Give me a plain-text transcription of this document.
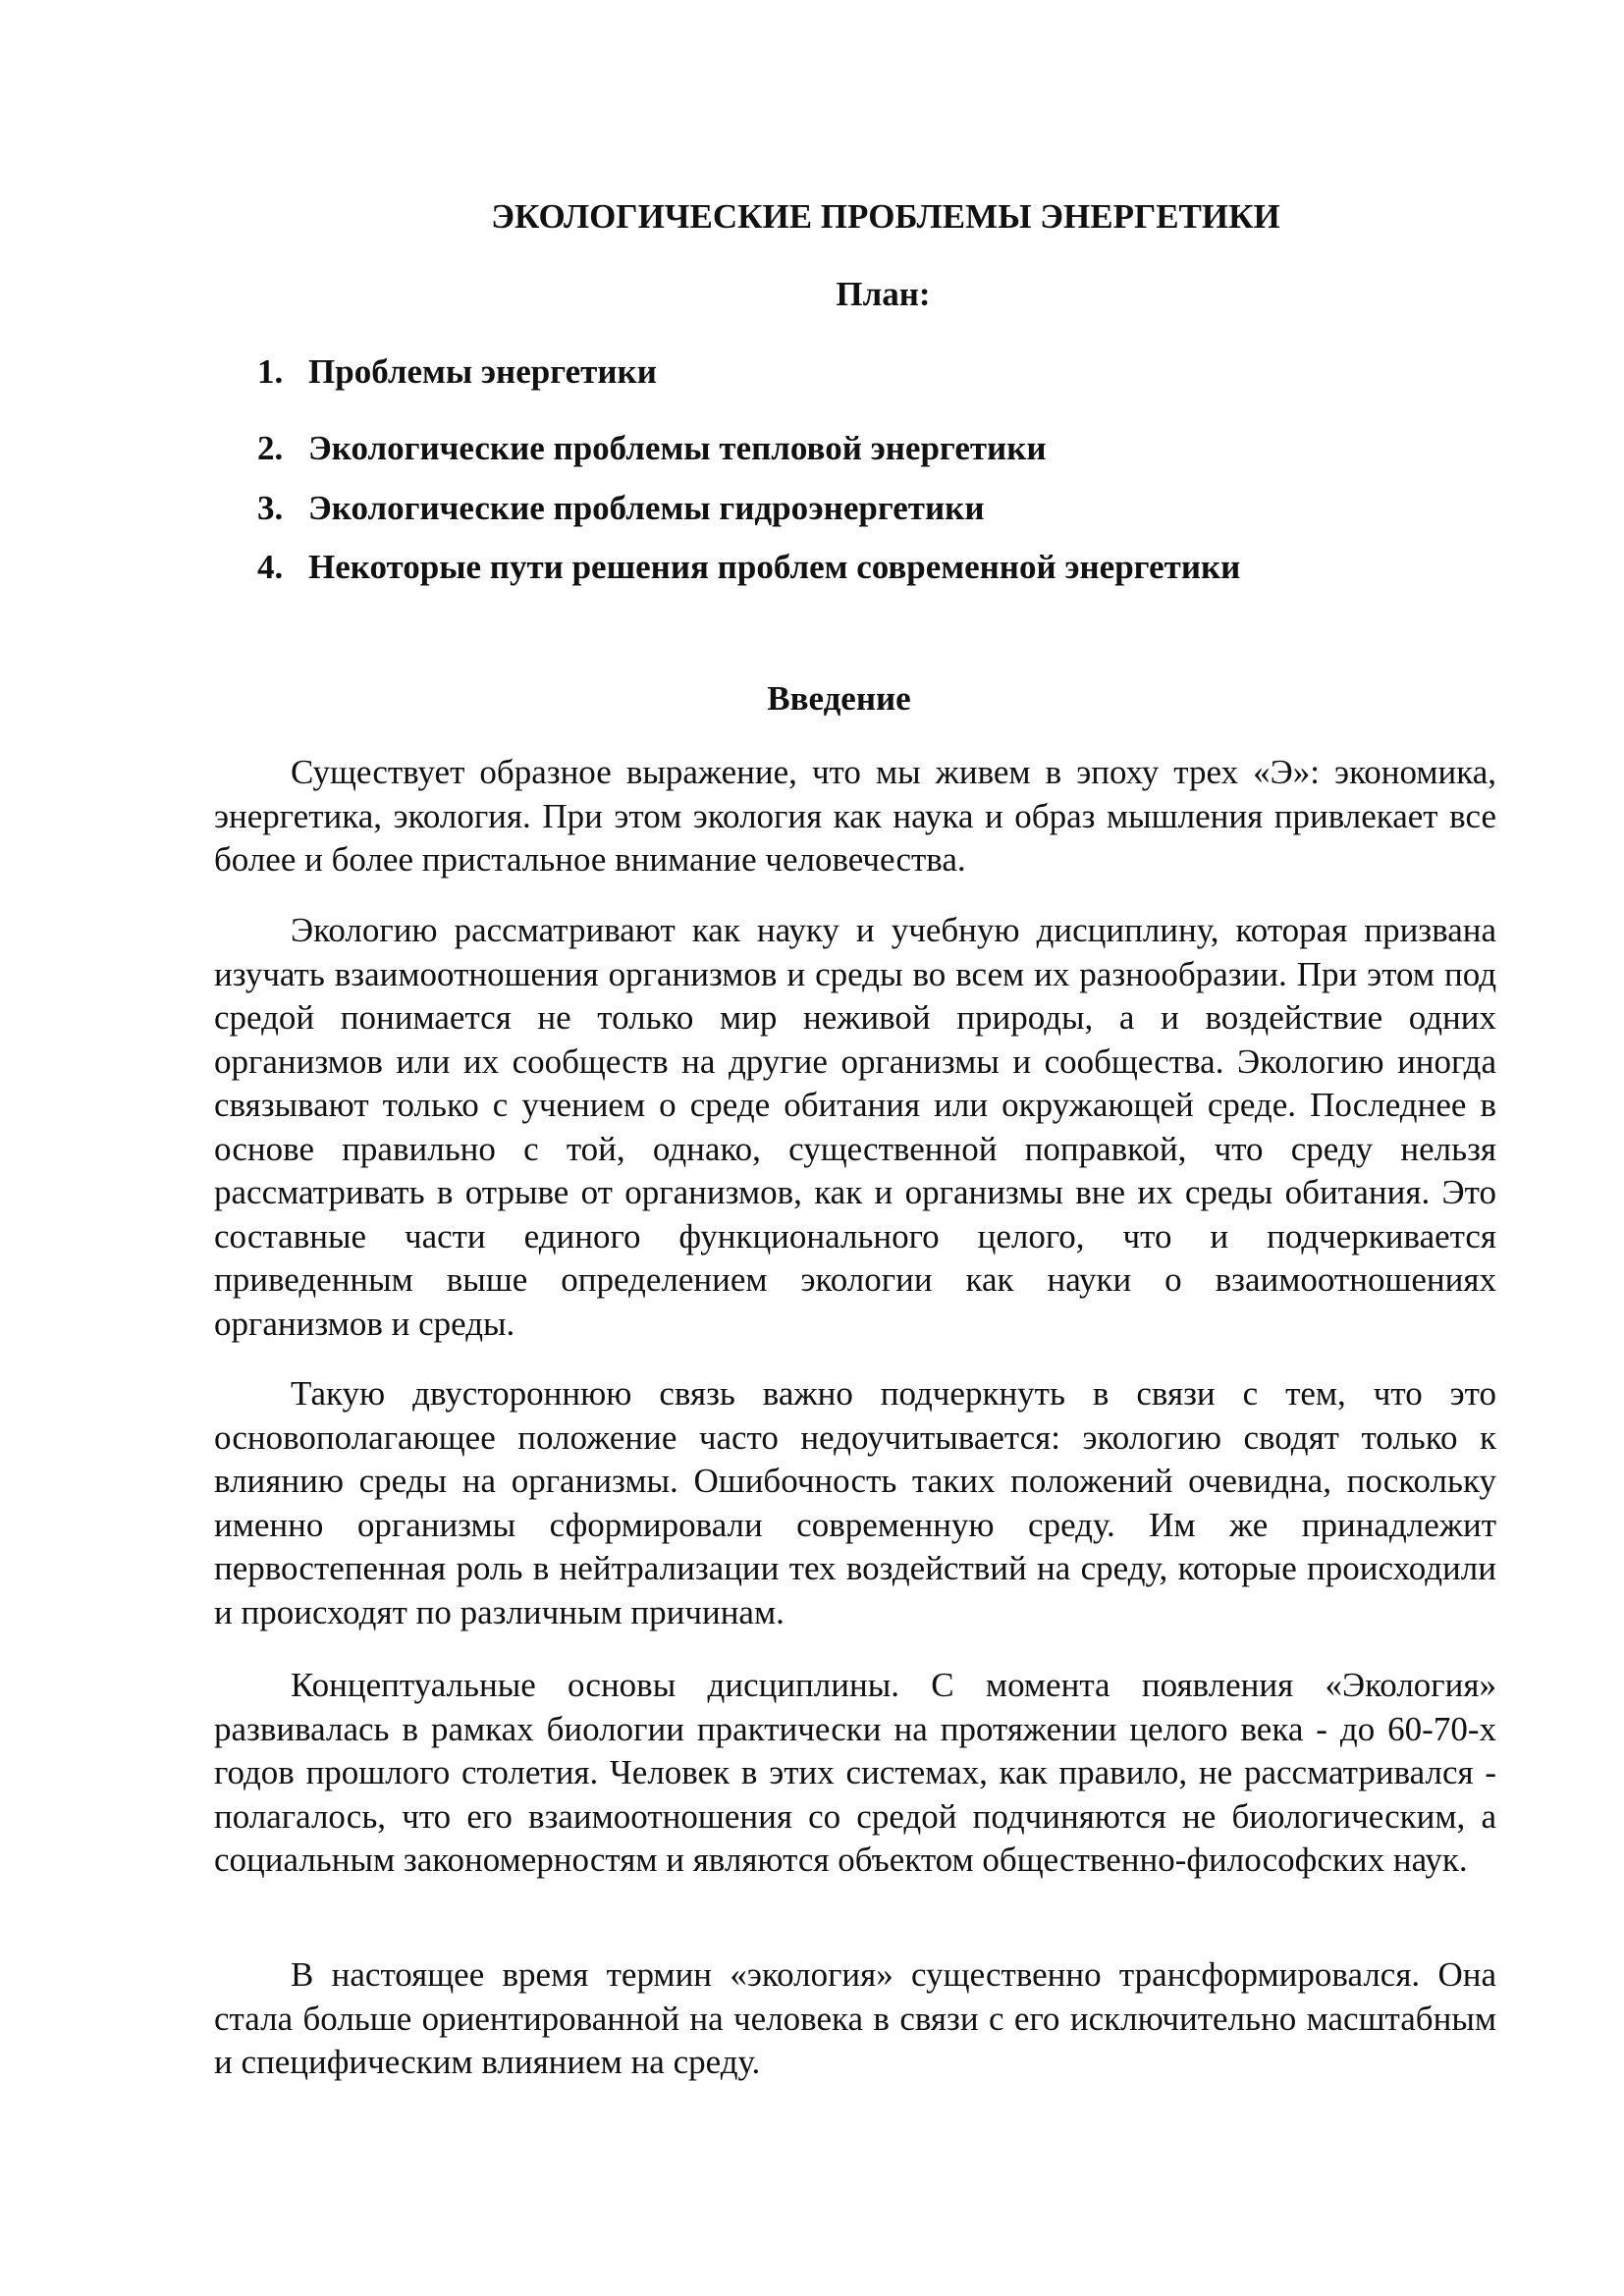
ЭКОЛОГИЧЕСКИЕ ПРОБЛЕМЫ ЭНЕРГЕТИКИ
План:
1. Проблемы энергетики
2. Экологические проблемы тепловой энергетики
3. Экологические проблемы гидроэнергетики
4. Некоторые пути решения проблем современной энергетики
Введение

Существует образное выражение, что мы живем в эпоху трех «Э»: экономика, энергетика, экология. При этом экология как наука и образ мышления привлекает все более и более пристальное внимание человечества.

Экологию рассматривают как науку и учебную дисциплину, которая призвана изучать взаимоотношения организмов и среды во всем их разнообразии. При этом под средой понимается не только мир неживой природы, а и воздействие одних организмов или их сообществ на другие организмы и сообщества. Экологию иногда связывают только с учением о среде обитания или окружающей среде. Последнее в основе правильно с той, однако, существенной поправкой, что среду нельзя рассматривать в отрыве от организмов, как и организмы вне их среды обитания. Это составные части единого функционального целого, что и подчеркивается приведенным выше определением экологии как науки о взаимоотношениях организмов и среды.

Такую двустороннюю связь важно подчеркнуть в связи с тем, что это основополагающее положение часто недоучитывается: экологию сводят только к влиянию среды на организмы. Ошибочность таких положений очевидна, поскольку именно организмы сформировали современную среду. Им же принадлежит первостепенная роль в нейтрализации тех воздействий на среду, которые происходили и происходят по различным причинам.

Концептуальные основы дисциплины. С момента появления «Экология» развивалась в рамках биологии практически на протяжении целого века - до 60-70-х годов прошлого столетия. Человек в этих системах, как правило, не рассматривался - полагалось, что его взаимоотношения со средой подчиняются не биологическим, а социальным закономерностям и являются объектом общественно-философских наук.

В настоящее время термин «экология» существенно трансформировался. Она стала больше ориентированной на человека в связи с его исключительно масштабным и специфическим влиянием на среду.
